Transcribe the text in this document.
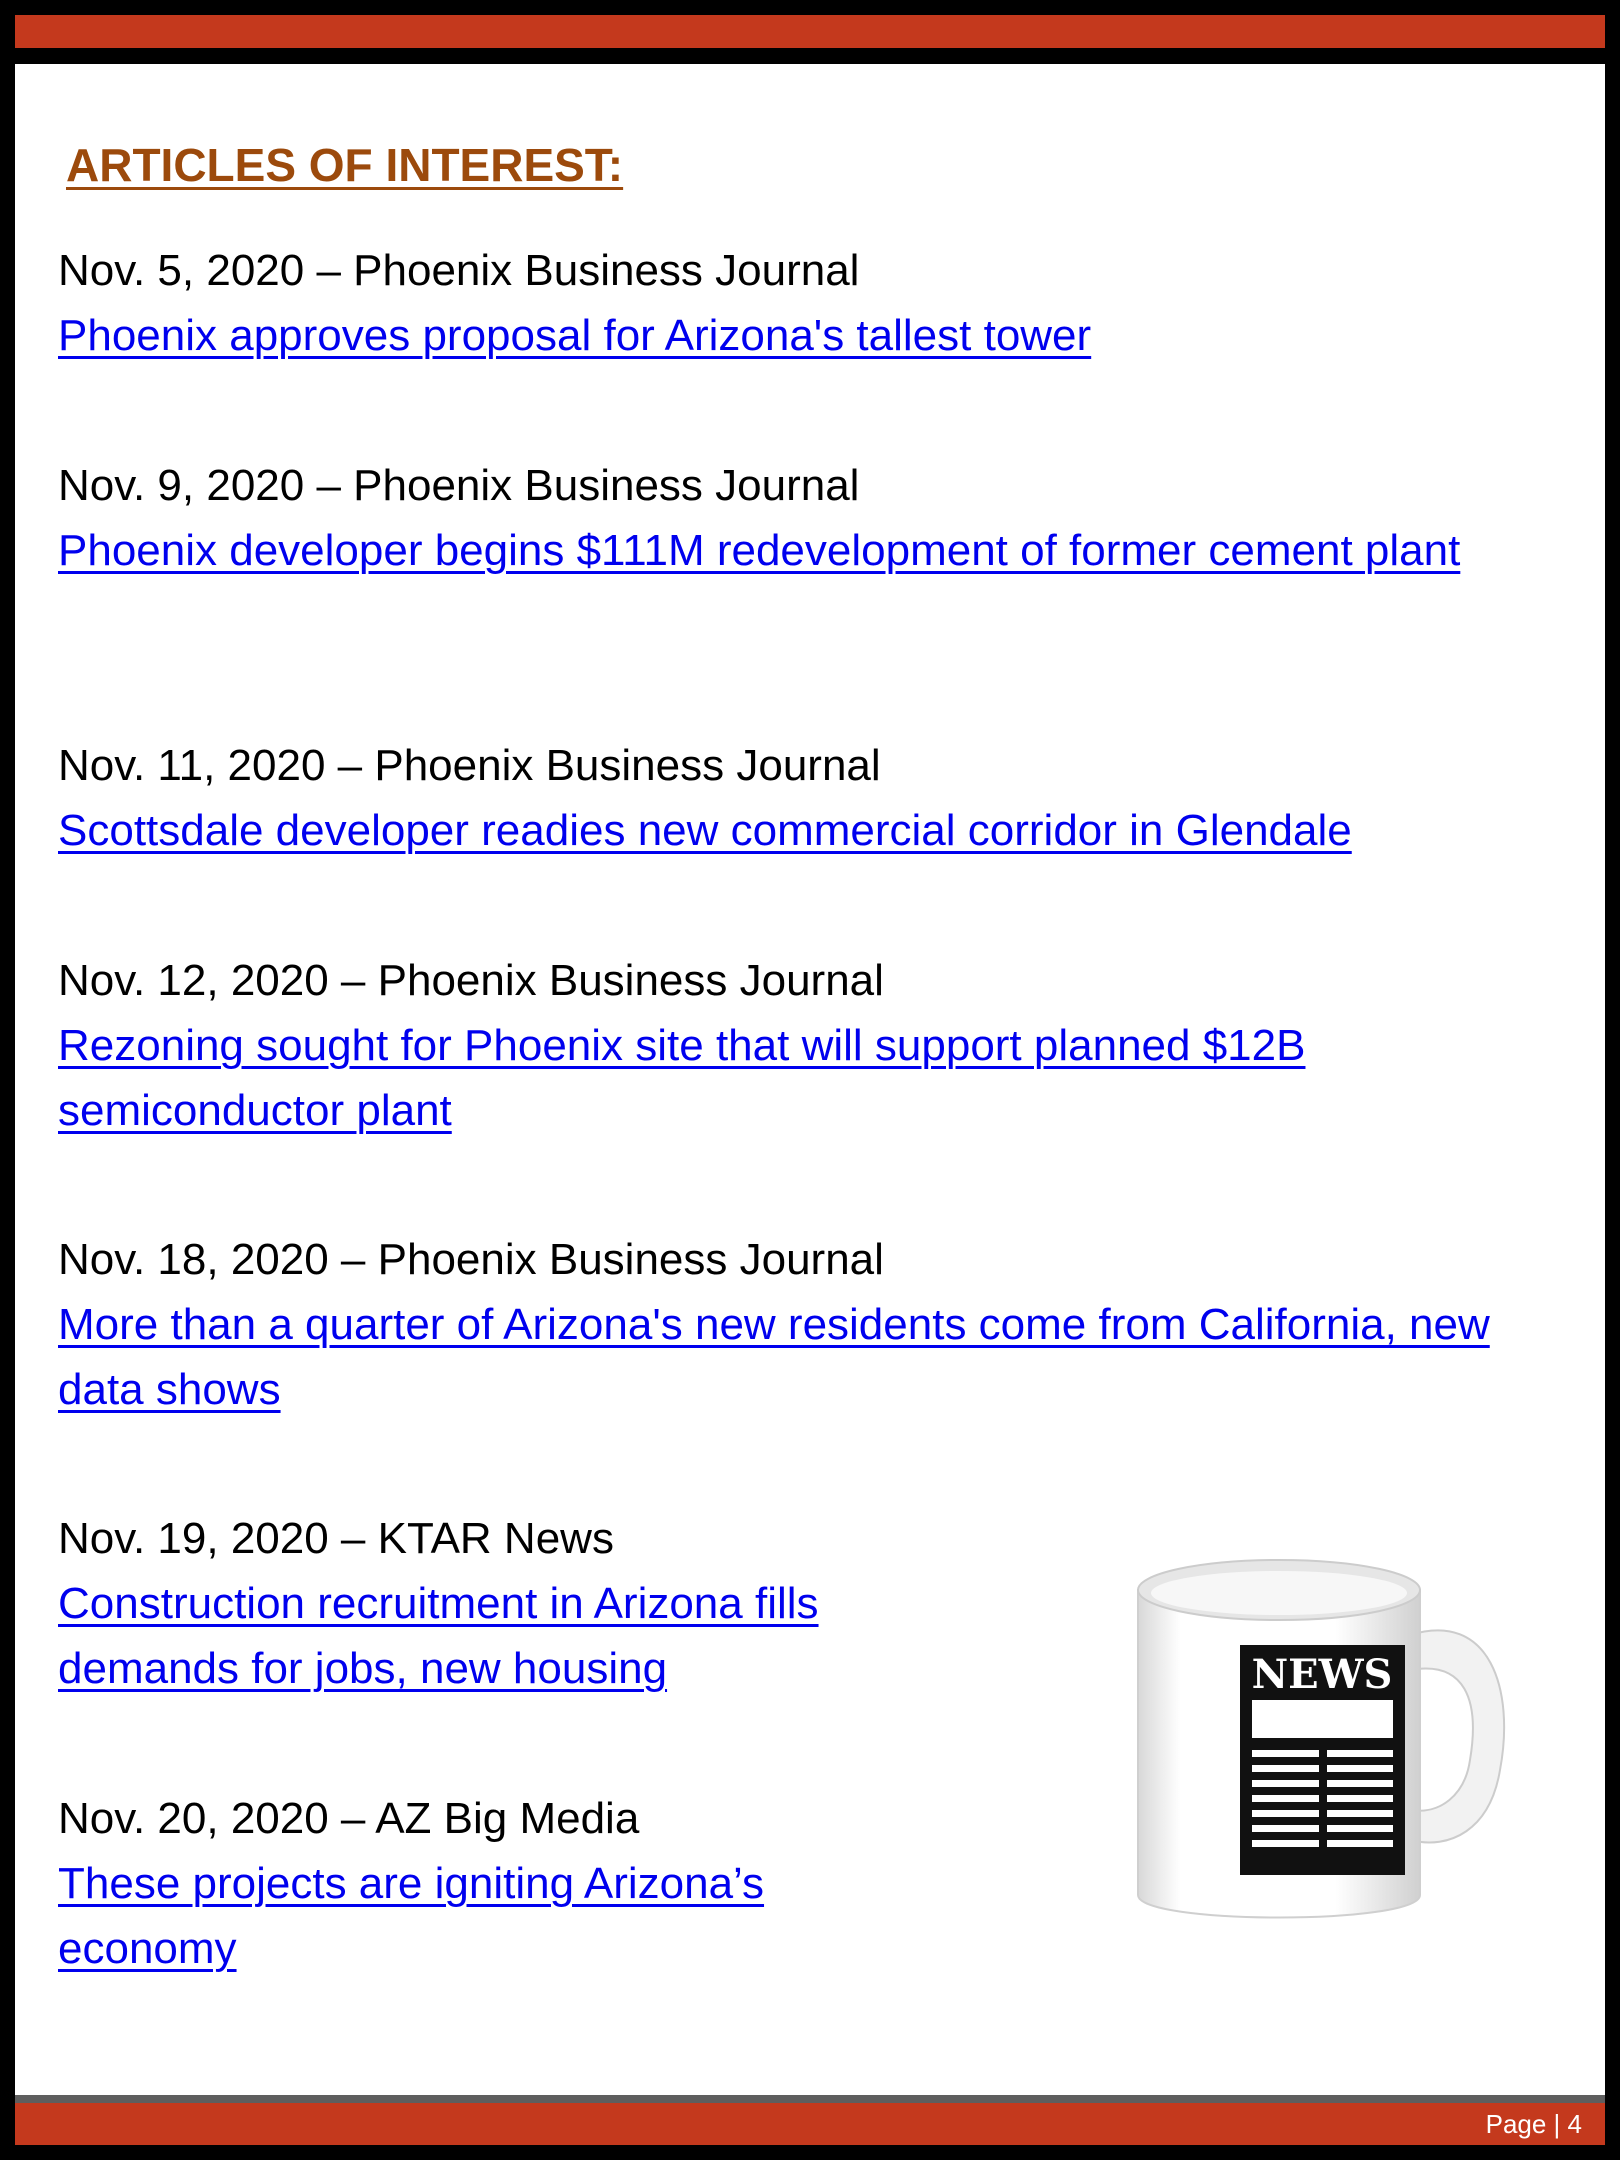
ARTICLES OF INTEREST:
Nov. 5, 2020 – Phoenix Business Journal
Phoenix approves proposal for Arizona's tallest tower
Nov. 9, 2020 – Phoenix Business Journal
Phoenix developer begins $111M redevelopment of former cement plant
Nov. 11, 2020 – Phoenix Business Journal
Scottsdale developer readies new commercial corridor in Glendale
Nov. 12, 2020 – Phoenix Business Journal
Rezoning sought for Phoenix site that will support planned $12B semiconductor plant
Nov. 18, 2020 – Phoenix Business Journal
More than a quarter of Arizona's new residents come from California, new data shows
Nov. 19, 2020 – KTAR News
Construction recruitment in Arizona fills demands for jobs, new housing
Nov. 20, 2020 – AZ Big Media
These projects are igniting Arizona’s economy
NEWS
Page | 4
